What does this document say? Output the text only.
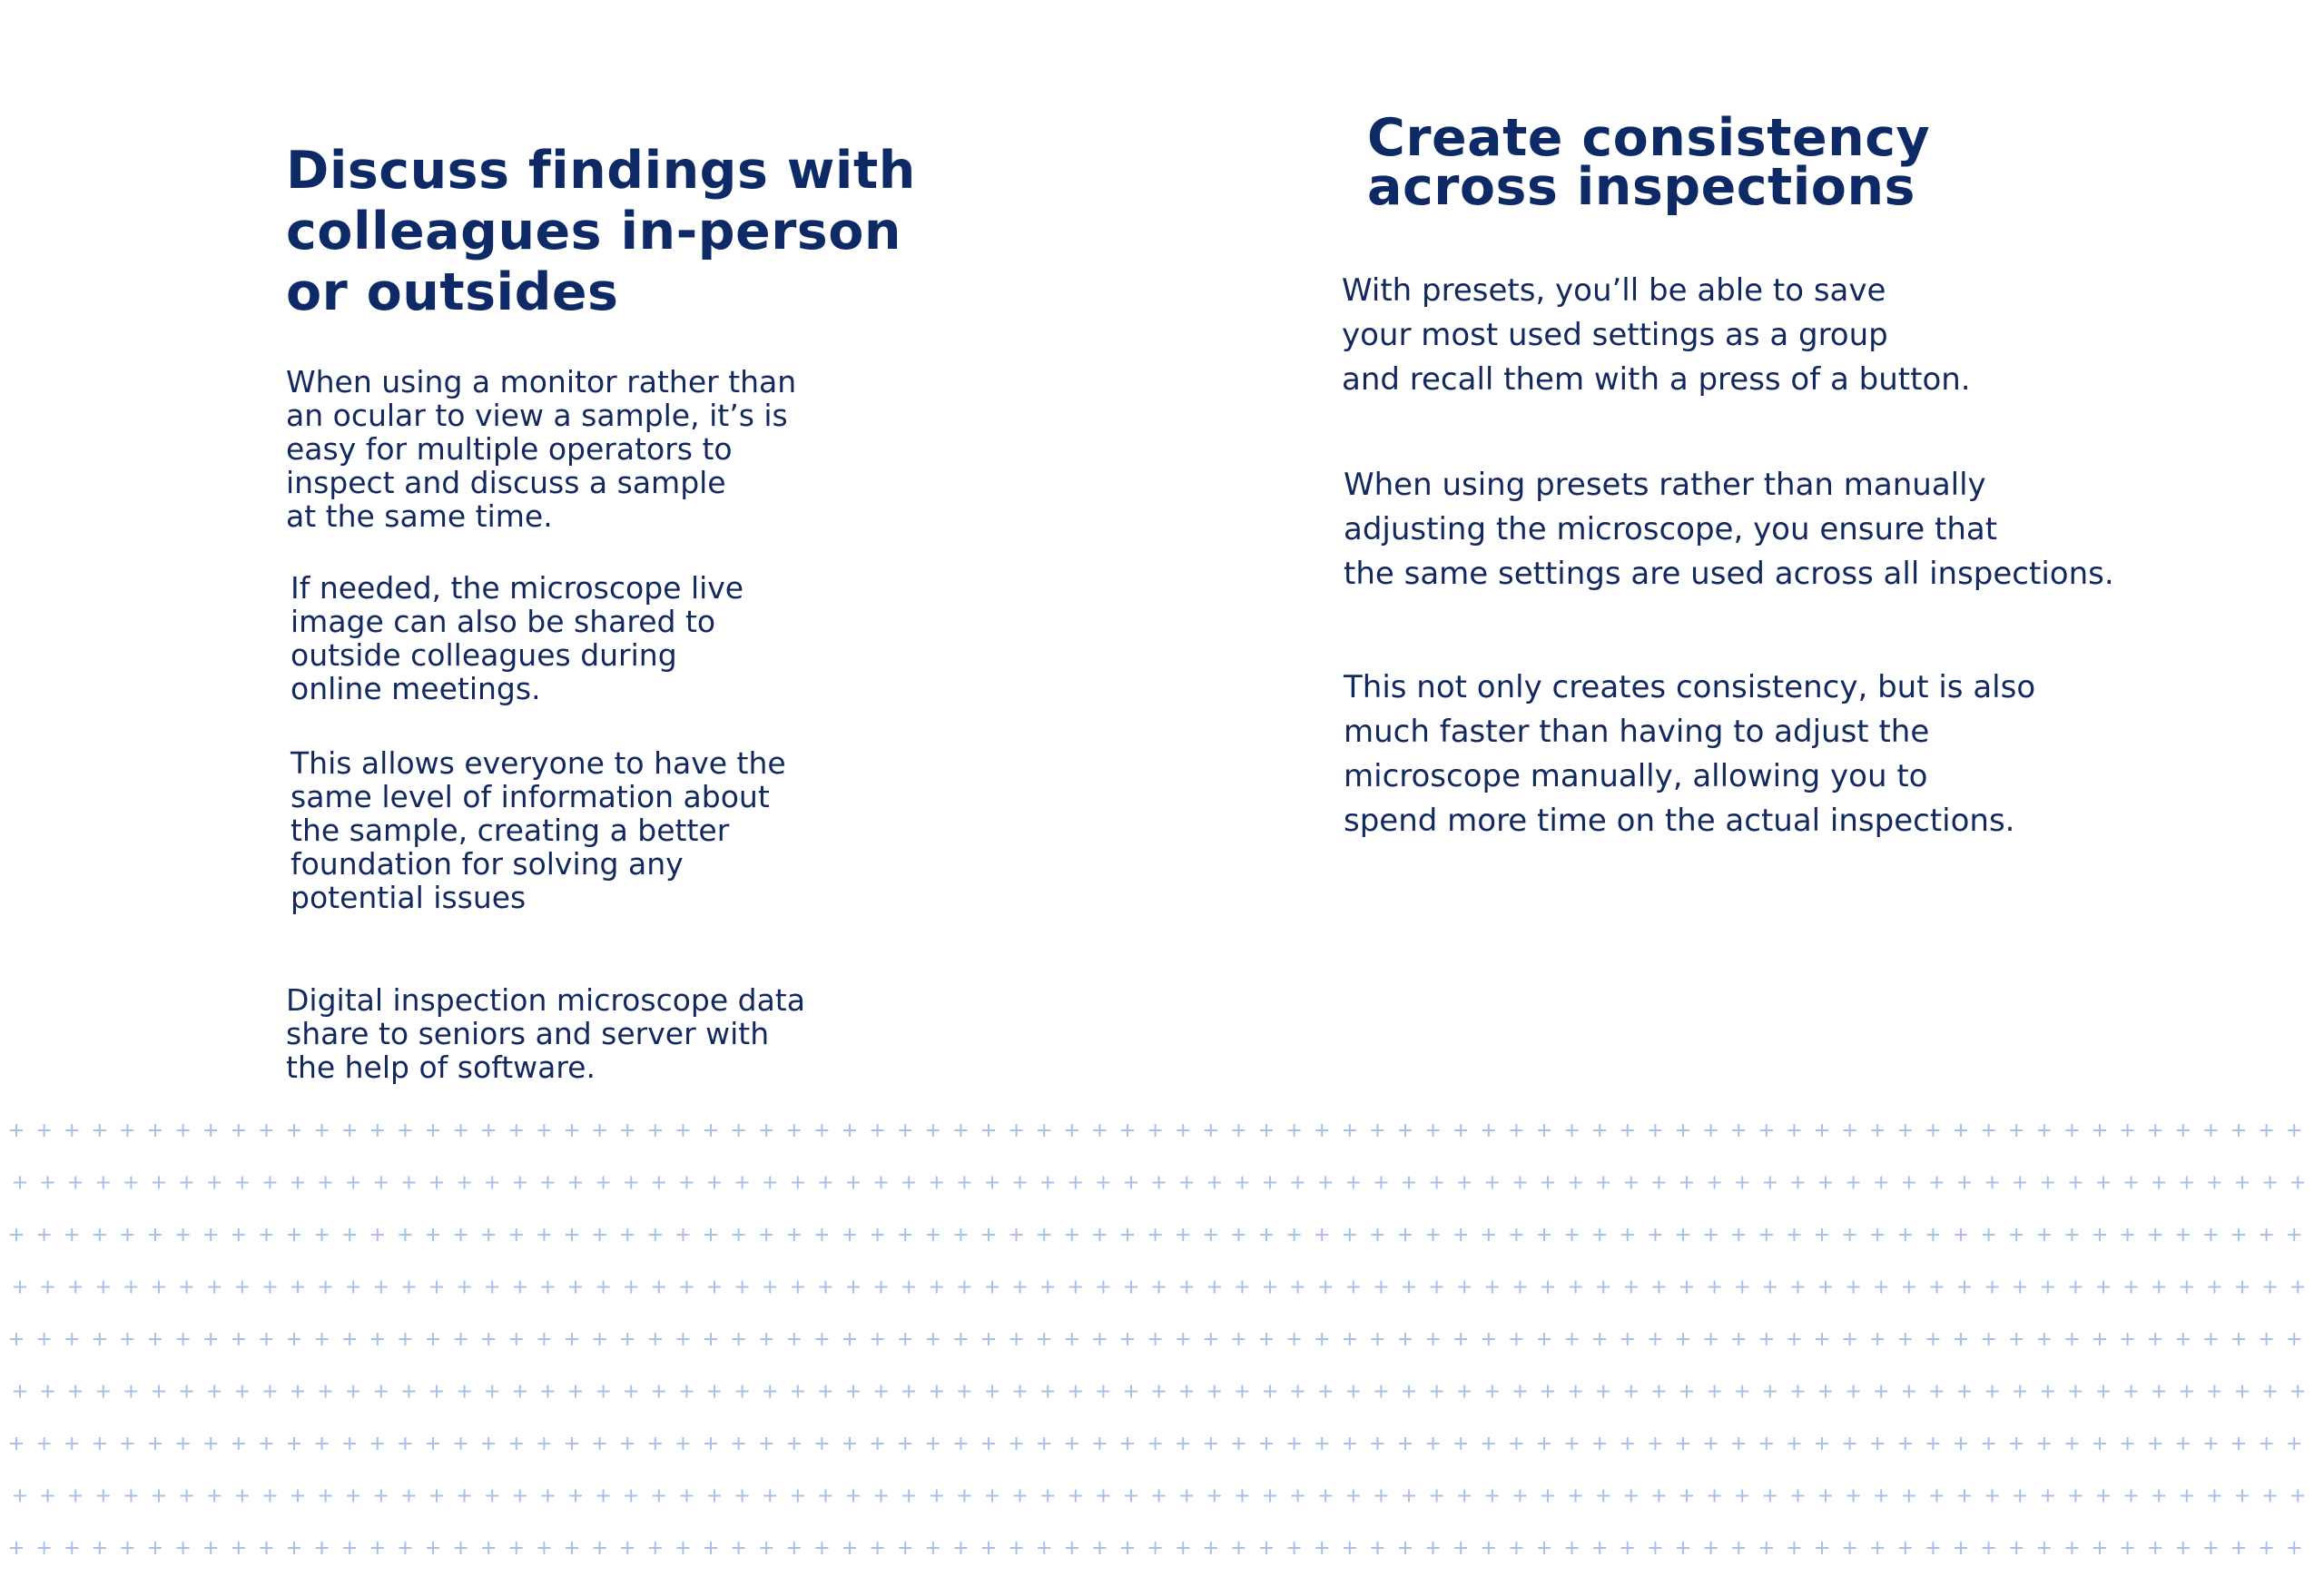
Discuss findings with
colleagues in-person
or outsides

When using a monitor rather than
an ocular to view a sample, it’s is
easy for multiple operators to
inspect and discuss a sample
at the same time.

If needed, the microscope live
image can also be shared to
outside colleagues during
online meetings.

This allows everyone to have the
same level of information about
the sample, creating a better
foundation for solving any
potential issues

Digital inspection microscope data
share to seniors and server with
the help of software.

Create consistency
across inspections

With presets, you’ll be able to save
your most used settings as a group
and recall them with a press of a button.

When using presets rather than manually
adjusting the microscope, you ensure that
the same settings are used across all inspections.

This not only creates consistency, but is also
much faster than having to adjust the
microscope manually, allowing you to
spend more time on the actual inspections.
